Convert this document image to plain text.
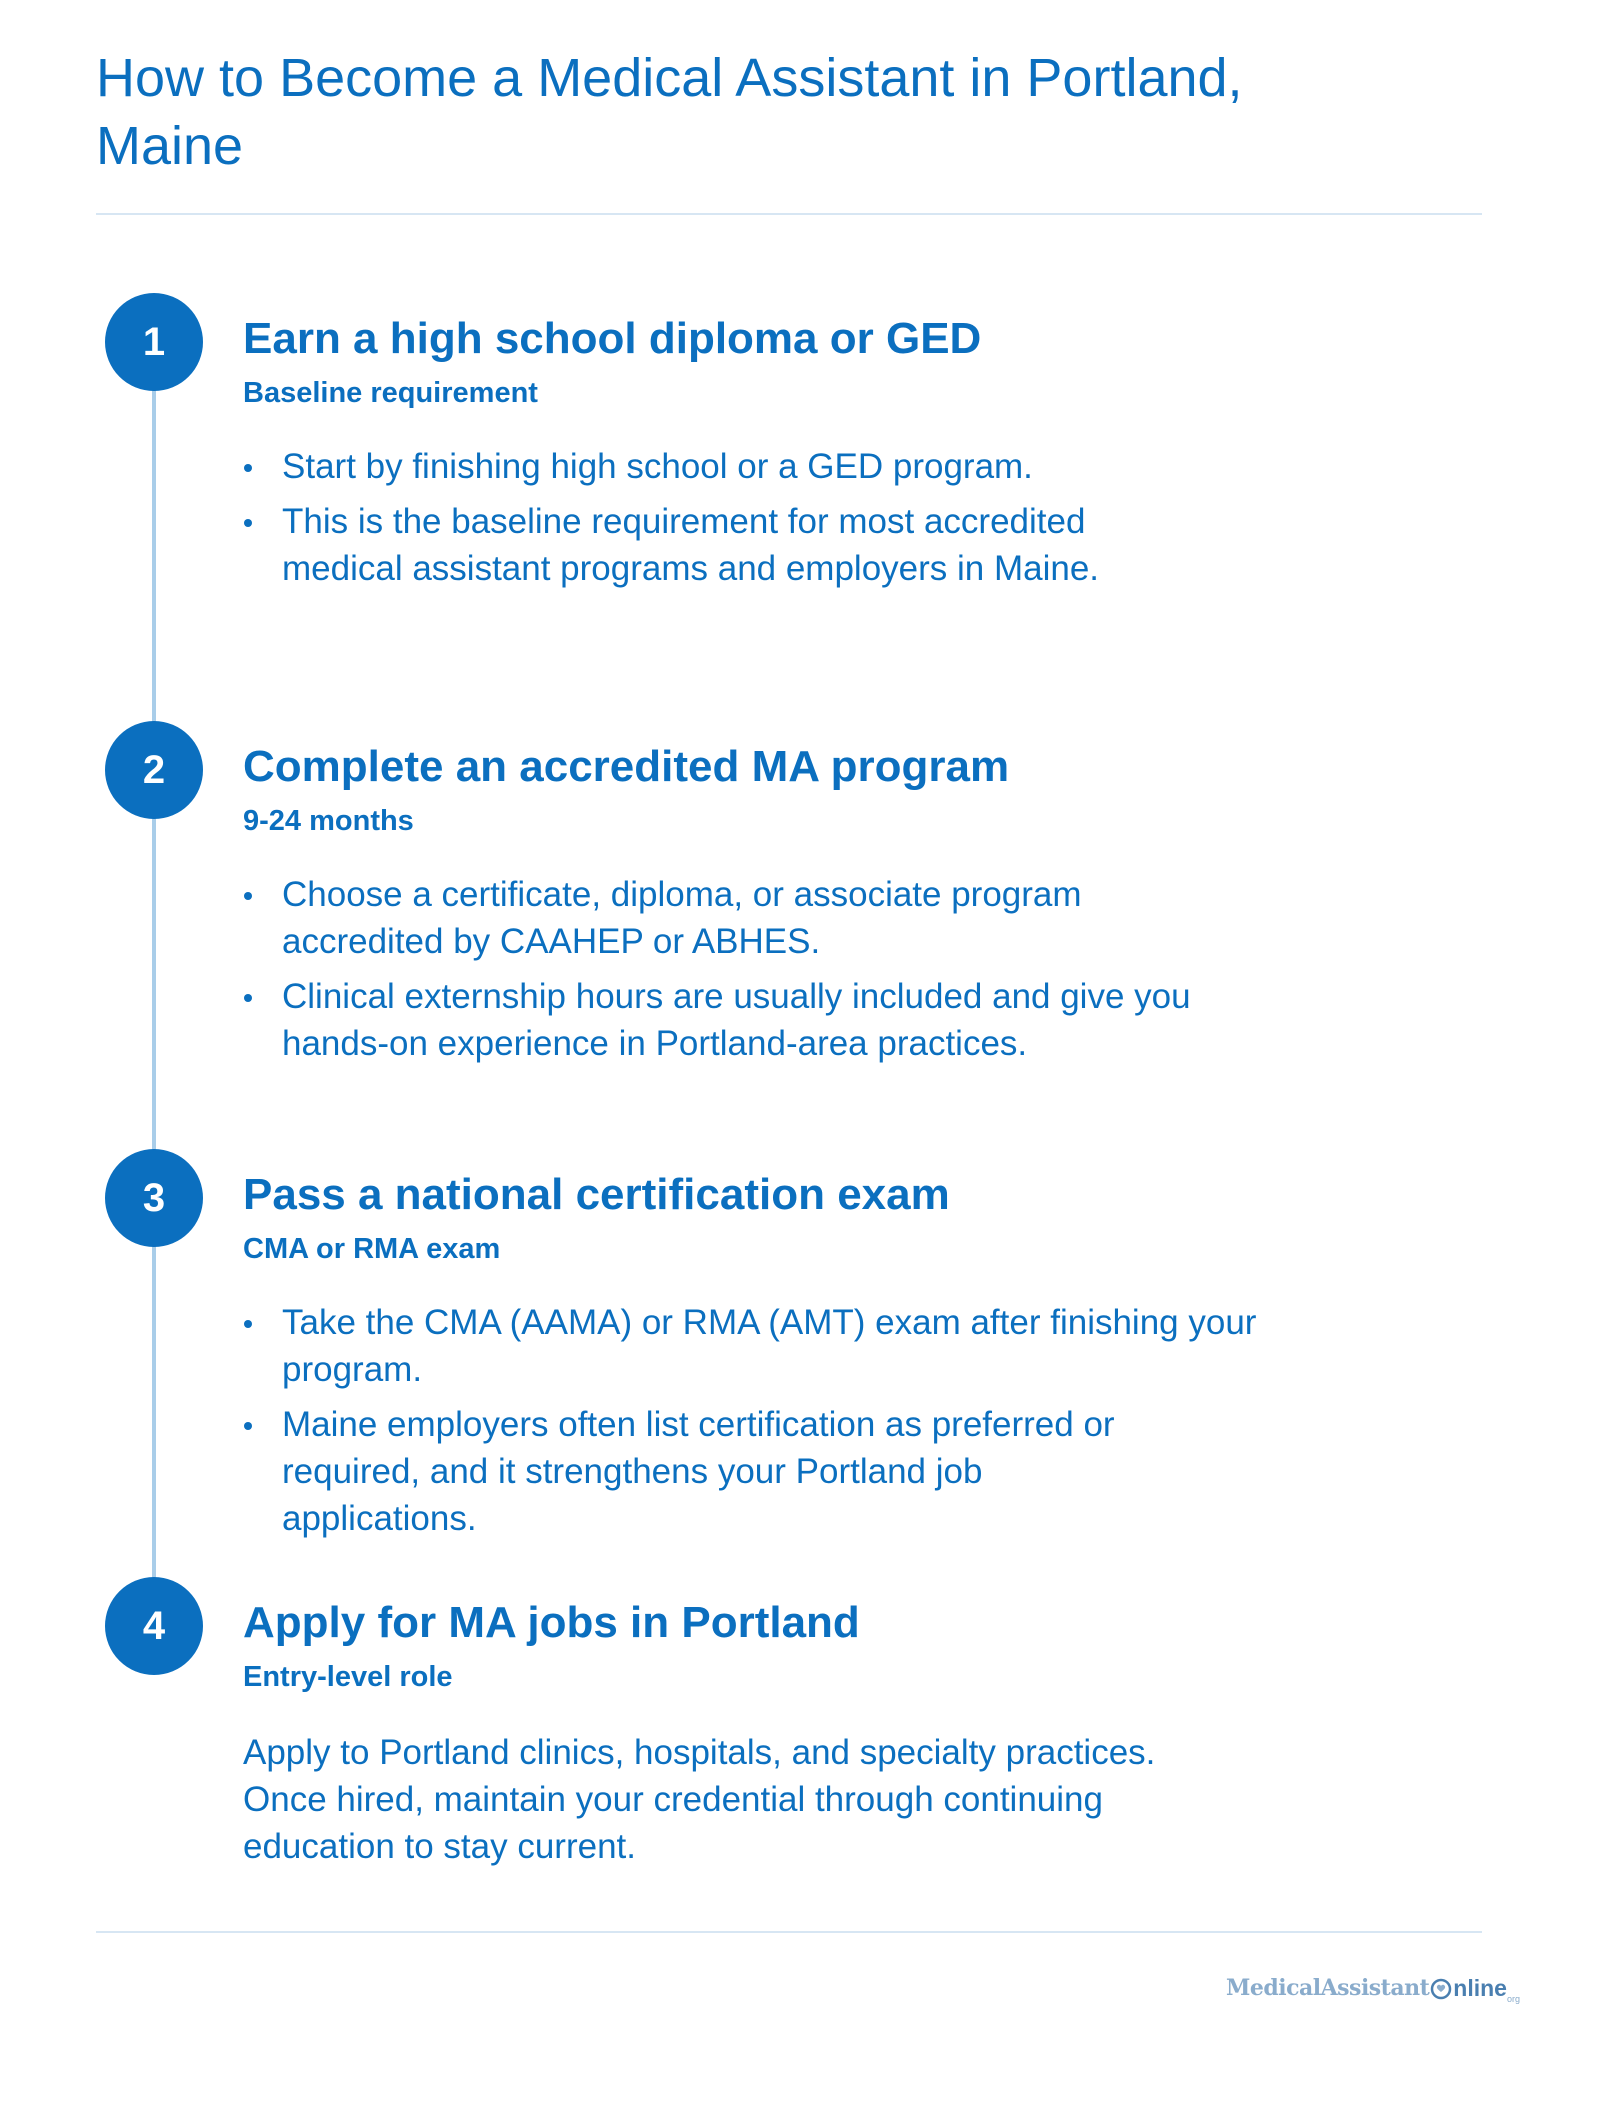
How to Become a Medical Assistant in Portland,
Maine
1	Earn a high school diploma or GED
Baseline requirement
Start by finishing high school or a GED program.
This is the baseline requirement for most accredited medical assistant programs and employers in Maine.
2	Complete an accredited MA program
9-24 months
Choose a certificate, diploma, or associate program accredited by CAAHEP or ABHES.
Clinical externship hours are usually included and give you hands-on experience in Portland-area practices.
3	Pass a national certification exam
CMA or RMA exam
Take the CMA (AAMA) or RMA (AMT) exam after finishing your program.
Maine employers often list certification as preferred or required, and it strengthens your Portland job applications.
4	Apply for MA jobs in Portland
Entry-level role

Apply to Portland clinics, hospitals, and specialty practices. Once hired, maintain your credential through continuing education to stay current.

MedicalAssistant nline org
